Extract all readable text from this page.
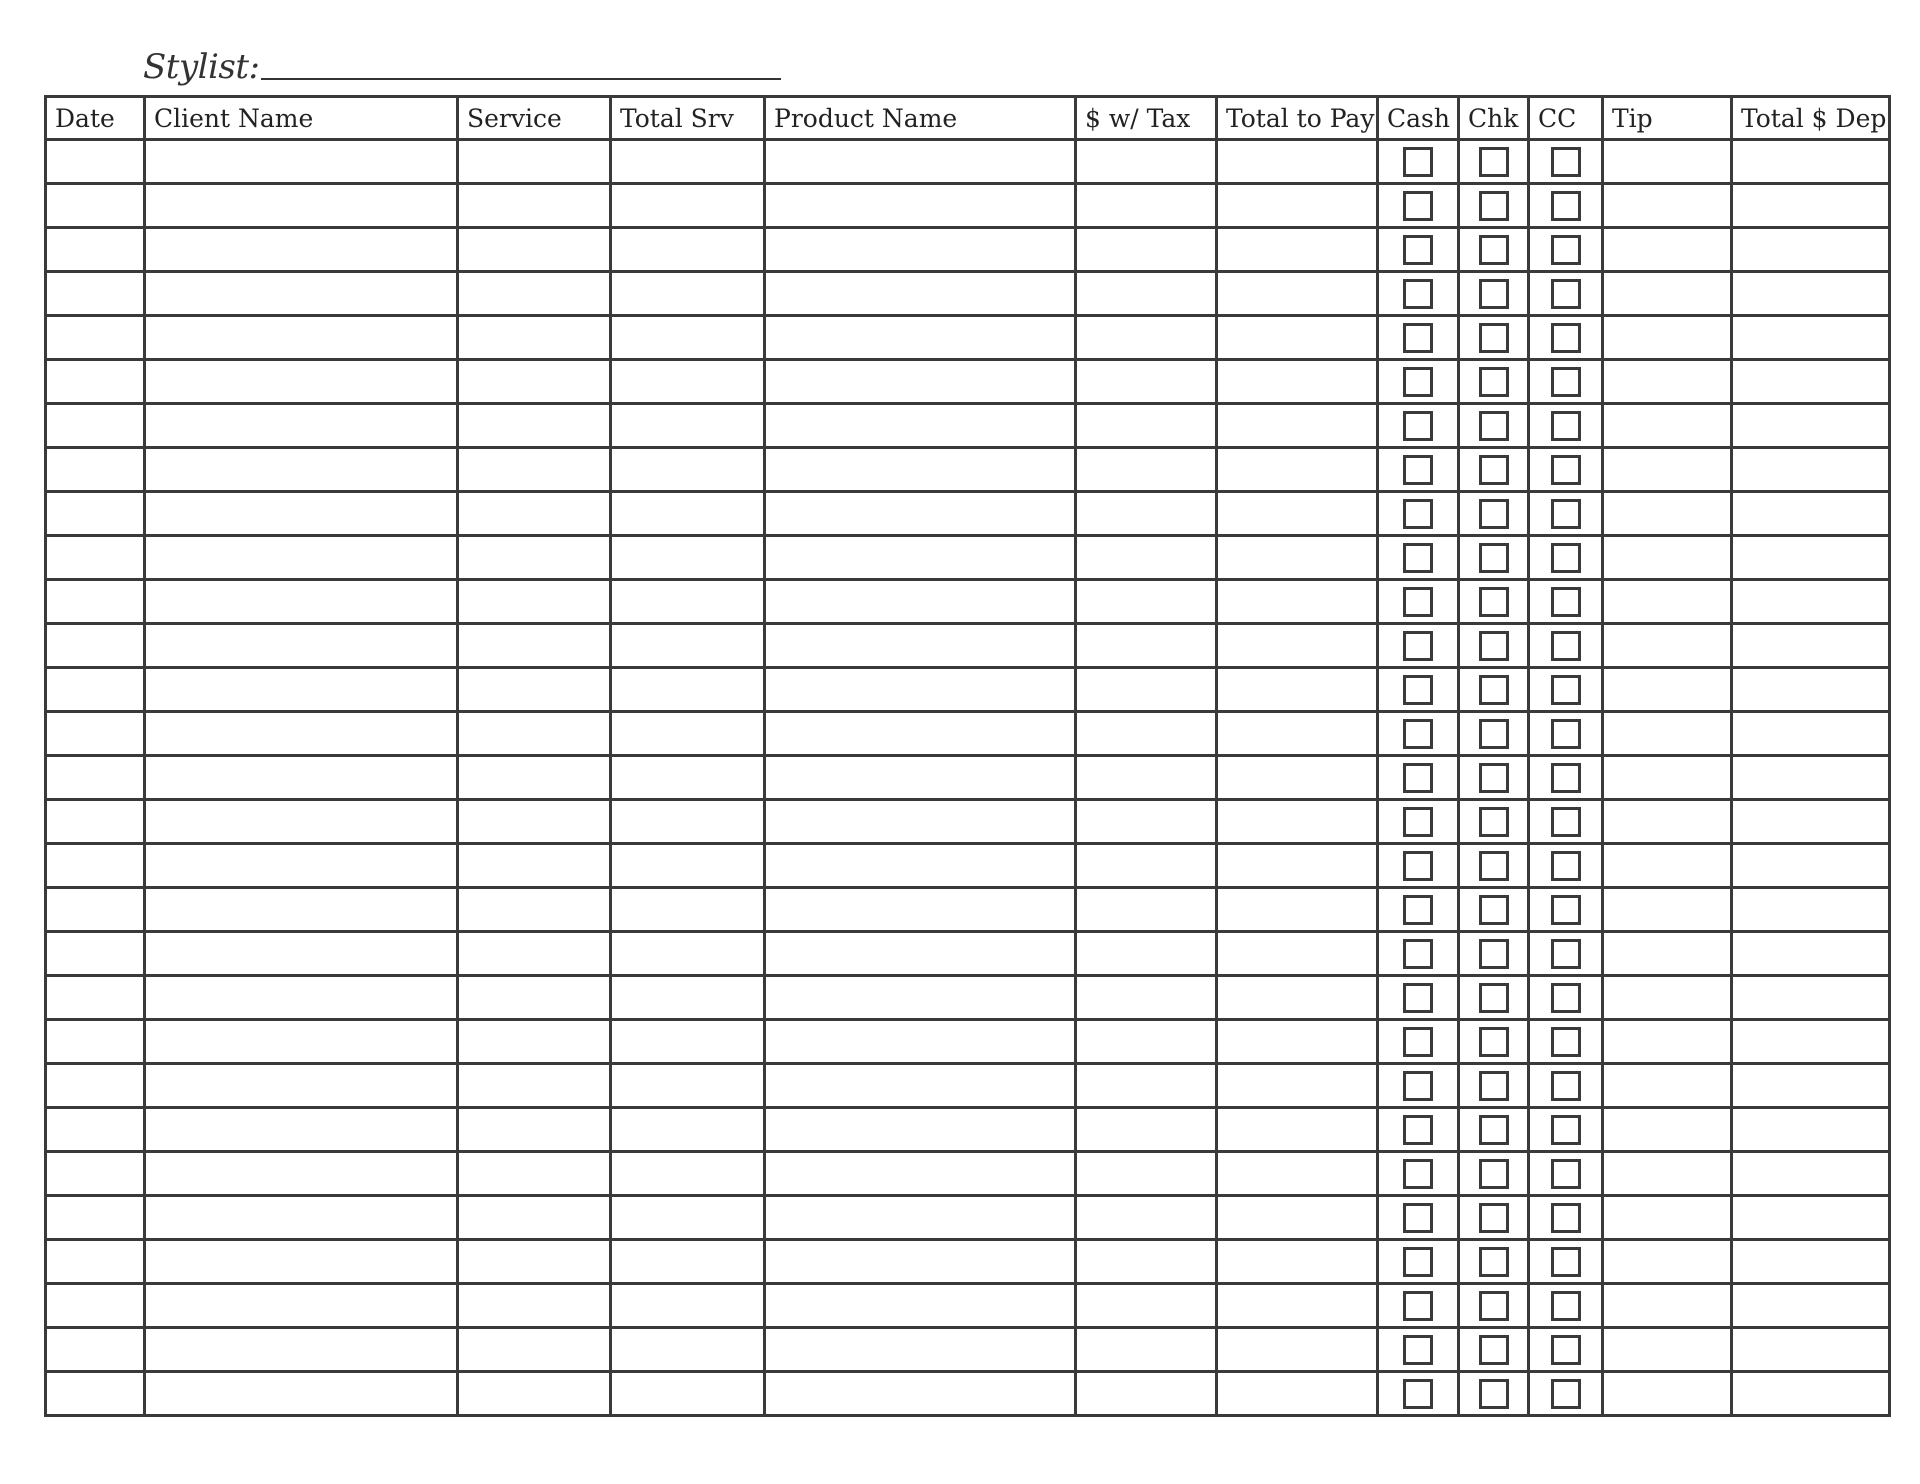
Stylist:
Date	Client Name	Service	Total Srv	Product Name	$ w/ Tax	Total to Pay	Cash	Chk	CC	Tip	Total $ Dep
